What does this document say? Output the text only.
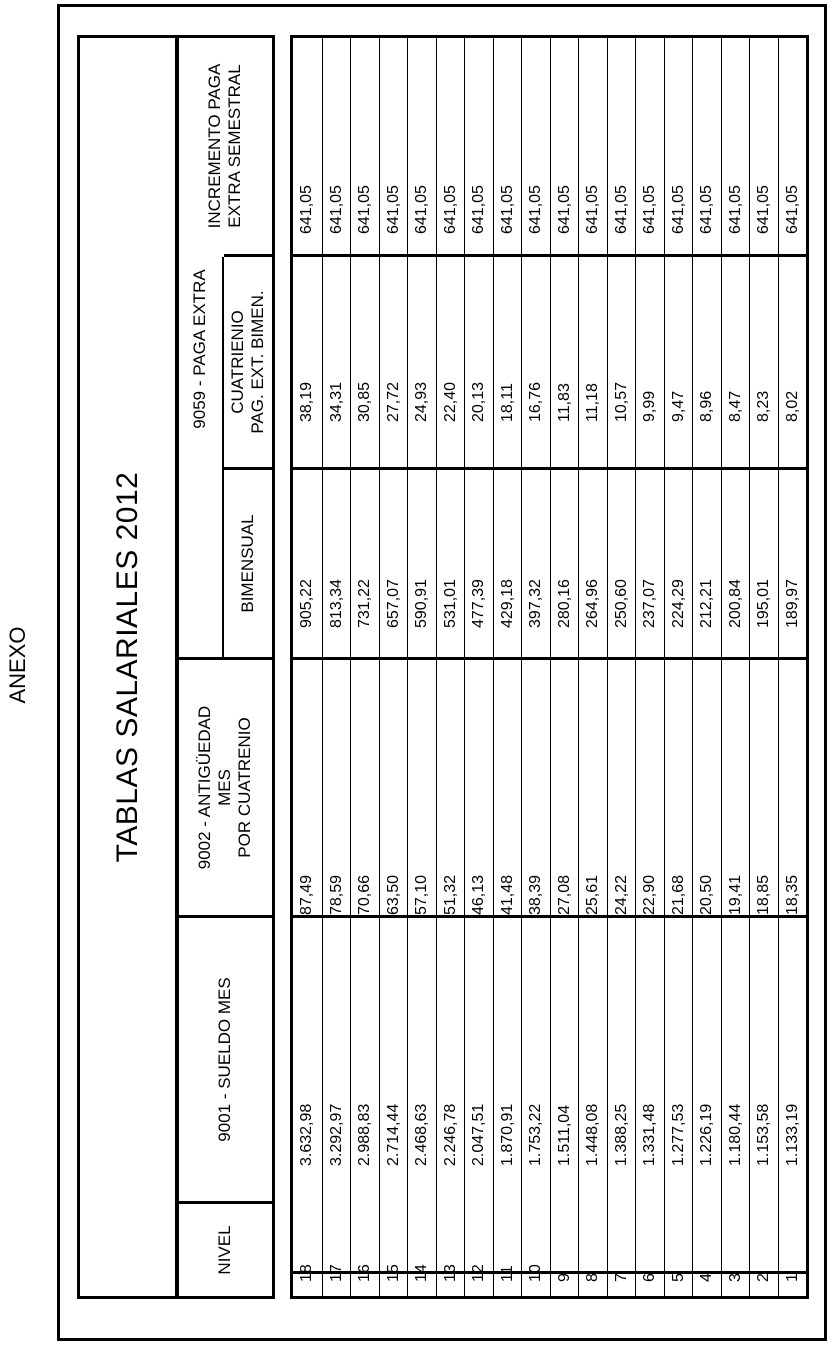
ANEXO	TABLAS SALARIALES 2012
NIVEL
9001 - SUELDO MES
9002 - ANTIGÜEDAD MES POR CUATRENIO
9059 - PAGA EXTRA
BIMENSUAL
CUATRIENIO PAG. EXT. BIMEN.
INCREMENTO PAGA EXTRA SEMESTRAL
18
3.632,98
87,49
905,22
38,19
641,05
17
3.292,97
78,59
813,34
34,31
641,05
16
2.988,83
70,66
731,22
30,85
641,05
15
2.714,44
63,50
657,07
27,72
641,05
14
2.468,63
57,10
590,91
24,93
641,05
13
2.246,78
51,32
531,01
22,40
641,05
12
2.047,51
46,13
477,39
20,13
641,05
11
1.870,91
41,48
429,18
18,11
641,05
10
1.753,22
38,39
397,32
16,76
641,05
9
1.511,04
27,08
280,16
11,83
641,05
8
1.448,08
25,61
264,96
11,18
641,05
7
1.388,25
24,22
250,60
10,57
641,05
6
1.331,48
22,90
237,07
9,99
641,05
5
1.277,53
21,68
224,29
9,47
641,05
4
1.226,19
20,50
212,21
8,96
641,05
3
1.180,44
19,41
200,84
8,47
641,05
2
1.153,58
18,85
195,01
8,23
641,05
1
1.133,19
18,35
189,97
8,02
641,05
